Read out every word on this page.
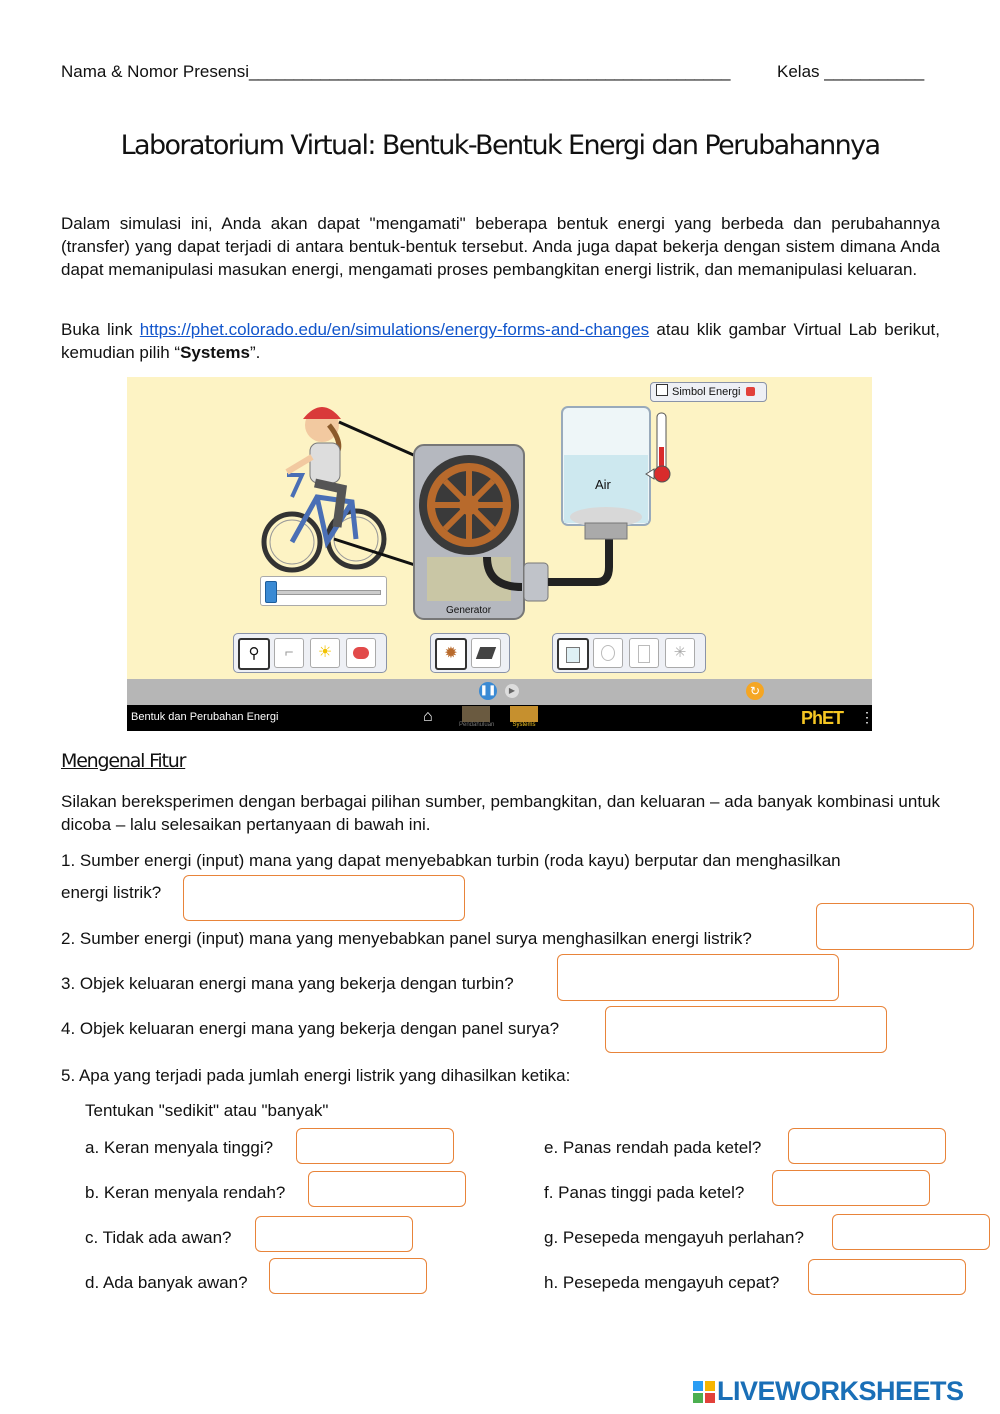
Nama & Nomor Presensi______________________________________________________	Kelas ___________
Laboratorium Virtual: Bentuk-Bentuk Energi dan Perubahannya
Dalam simulasi ini, Anda akan dapat "mengamati" beberapa bentuk energi yang berbeda dan perubahannya (transfer) yang dapat terjadi di antara bentuk-bentuk tersebut. Anda juga dapat bekerja dengan sistem dimana Anda dapat memanipulasi masukan energi, mengamati proses pembangkitan energi listrik, dan memanipulasi keluaran.
Buka link https://phet.colorado.edu/en/simulations/energy-forms-and-changes atau klik gambar Virtual Lab berikut, kemudian pilih “Systems”.
Simbol Energi
Air
Generator
⚲	⌐	☀	✹	✳
❚❚	▶	↻
Bentuk dan Perubahan Energi	⌂	Pendahuluan	Systems	PhET ⋮
Mengenal Fitur
Silakan bereksperimen dengan berbagai pilihan sumber, pembangkitan, dan keluaran – ada banyak kombinasi untuk dicoba – lalu selesaikan pertanyaan di bawah ini.
1. Sumber energi (input) mana yang dapat menyebabkan turbin (roda kayu) berputar dan menghasilkan
energi listrik?
2. Sumber energi (input) mana yang menyebabkan panel surya menghasilkan energi listrik?
3. Objek keluaran energi mana yang bekerja dengan turbin?
4. Objek keluaran energi mana yang bekerja dengan panel surya?
5. Apa yang terjadi pada jumlah energi listrik yang dihasilkan ketika:
Tentukan "sedikit" atau "banyak"
a. Keran menyala tinggi?
b. Keran menyala rendah?
c. Tidak ada awan?
d. Ada banyak awan?
e. Panas rendah pada ketel?
f. Panas tinggi pada ketel?
g. Pesepeda mengayuh perlahan?
h. Pesepeda mengayuh cepat?
LIVEWORKSHEETS
